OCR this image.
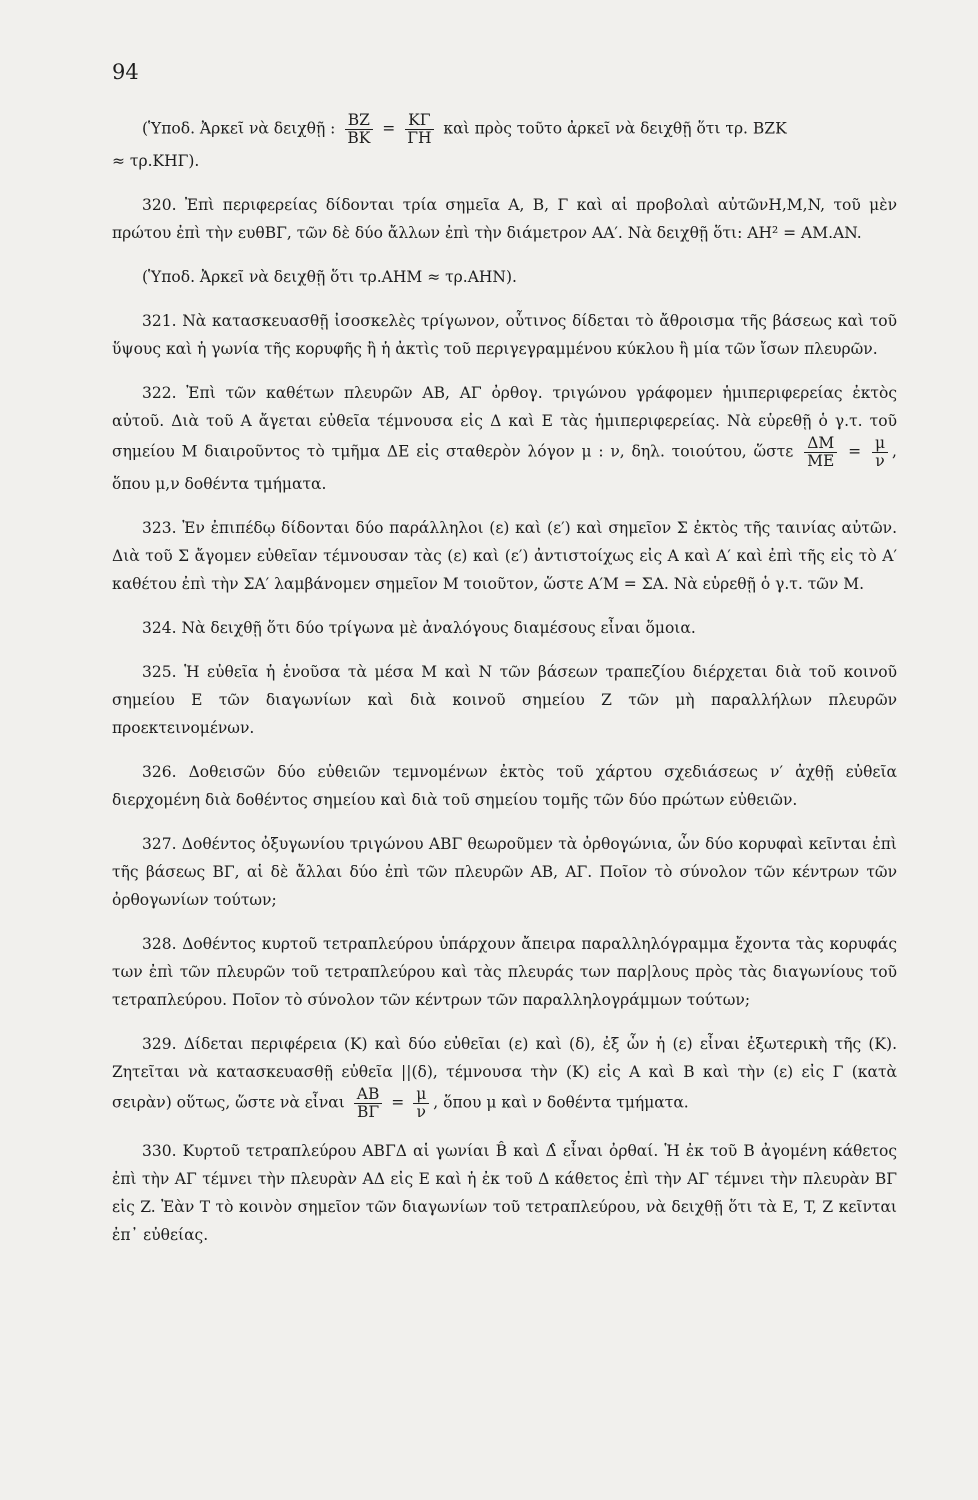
94
(Ὑποδ. Ἀρκεῖ νὰ δειχθῇ : $\frac{BZ}{BK} = \frac{K\Gamma}{\Gamma H}$ καὶ πρὸς τοῦτο ἀρκεῖ νὰ δειχθῇ ὅτι τρ. BZK
≈ τρ.KHΓ).
320. Ἐπὶ περιφερείας δίδονται τρία σημεῖα A, B, Γ καὶ αἱ προβολαὶ αὐτῶνH,M,N, τοῦ μὲν πρώτου ἐπὶ τὴν ευθBΓ, τῶν δὲ δύο ἄλλων ἐπὶ τὴν διάμετρον AA′. Νὰ δειχθῇ ὅτι: AH² = AM.AN.
(Ὑποδ. Ἀρκεῖ νὰ δειχθῇ ὅτι τρ.AHM ≈ τρ.AHN).
321. Νὰ κατασκευασθῇ ἰσοσκελὲς τρίγωνον, οὗτινος δίδεται τὸ ἄθροισμα τῆς βάσεως καὶ τοῦ ὕψους καὶ ἡ γωνία τῆς κορυφῆς ἢ ἡ ἀκτὶς τοῦ περιγεγραμμένου κύκλου ἢ μία τῶν ἴσων πλευρῶν.
322. Ἐπὶ τῶν καθέτων πλευρῶν AB, AΓ ὀρθογ. τριγώνου γράφομεν ἡμιπεριφερείας ἐκτὸς αὐτοῦ. Διὰ τοῦ A ἄγεται εὐθεῖα τέμνουσα εἰς Δ καὶ E τὰς ἡμιπεριφερείας. Νὰ εὑρεθῇ ὁ γ.τ. τοῦ σημείου M διαιροῦντος τὸ τμῆμα ΔE εἰς σταθερὸν λόγον μ : ν, δηλ. τοιούτου, ὥστε $\frac{\Delta M}{ME} = \frac{\mu}{\nu}$ , ὅπου μ,ν δοθέντα τμήματα.
323. Ἐν ἐπιπέδῳ δίδονται δύο παράλληλοι (ε) καὶ (ε′) καὶ σημεῖον Σ ἐκτὸς τῆς ταινίας αὐτῶν. Διὰ τοῦ Σ ἄγομεν εὐθεῖαν τέμνουσαν τὰς (ε) καὶ (ε′) ἀντιστοίχως εἰς A καὶ A′ καὶ ἐπὶ τῆς εἰς τὸ A′ καθέτου ἐπὶ τὴν ΣA′ λαμβάνομεν σημεῖον M τοιοῦτον, ὥστε A′M = ΣA. Νὰ εὑρεθῇ ὁ γ.τ. τῶν M.
324. Νὰ δειχθῇ ὅτι δύο τρίγωνα μὲ ἀναλόγους διαμέσους εἶναι ὅμοια.
325. Ἡ εὐθεῖα ἡ ἑνοῦσα τὰ μέσα M καὶ N τῶν βάσεων τραπεζίου διέρχεται διὰ τοῦ κοινοῦ σημείου E τῶν διαγωνίων καὶ διὰ κοινοῦ σημείου Z τῶν μὴ παραλλήλων πλευρῶν προεκτεινομένων.
326. Δοθεισῶν δύο εὐθειῶν τεμνομένων ἐκτὸς τοῦ χάρτου σχεδιάσεως ν′ ἀχθῇ εὐθεῖα διερχομένη διὰ δοθέντος σημείου καὶ διὰ τοῦ σημείου τομῆς τῶν δύο πρώτων εὐθειῶν.
327. Δοθέντος ὀξυγωνίου τριγώνου ABΓ θεωροῦμεν τὰ ὀρθογώνια, ὧν δύο κορυφαὶ κεῖνται ἐπὶ τῆς βάσεως BΓ, αἱ δὲ ἄλλαι δύο ἐπὶ τῶν πλευρῶν AB, AΓ. Ποῖον τὸ σύνολον τῶν κέντρων τῶν ὀρθογωνίων τούτων;
328. Δοθέντος κυρτοῦ τετραπλεύρου ὑπάρχουν ἄπειρα παραλληλόγραμμα ἔχοντα τὰς κορυφάς των ἐπὶ τῶν πλευρῶν τοῦ τετραπλεύρου καὶ τὰς πλευράς των παρ|λους πρὸς τὰς διαγωνίους τοῦ τετραπλεύρου. Ποῖον τὸ σύνολον τῶν κέντρων τῶν παραλληλογράμμων τούτων;
329. Δίδεται περιφέρεια (K) καὶ δύο εὐθεῖαι (ε) καὶ (δ), ἐξ ὧν ἡ (ε) εἶναι ἐξωτερικὴ τῆς (K). Ζητεῖται νὰ κατασκευασθῇ εὐθεῖα ||(δ), τέμνουσα τὴν (K) εἰς A καὶ B καὶ τὴν (ε) εἰς Γ (κατὰ σειρὰν) οὕτως, ὥστε νὰ εἶναι $\frac{AB}{B\Gamma} = \frac{\mu}{\nu}$ , ὅπου μ καὶ ν δοθέντα τμήματα.
330. Κυρτοῦ τετραπλεύρου ABΓΔ αἱ γωνίαι B̂ καὶ Δ̂ εἶναι ὀρθαί. Ἡ ἐκ τοῦ B ἀγομένη κάθετος ἐπὶ τὴν AΓ τέμνει τὴν πλευρὰν AΔ εἰς E καὶ ἡ ἐκ τοῦ Δ κάθετος ἐπὶ τὴν AΓ τέμνει τὴν πλευρὰν BΓ εἰς Z. Ἐὰν T τὸ κοινὸν σημεῖον τῶν διαγωνίων τοῦ τετραπλεύρου, νὰ δειχθῇ ὅτι τὰ E, T, Z κεῖνται ἐπ᾿ εὐθείας.
